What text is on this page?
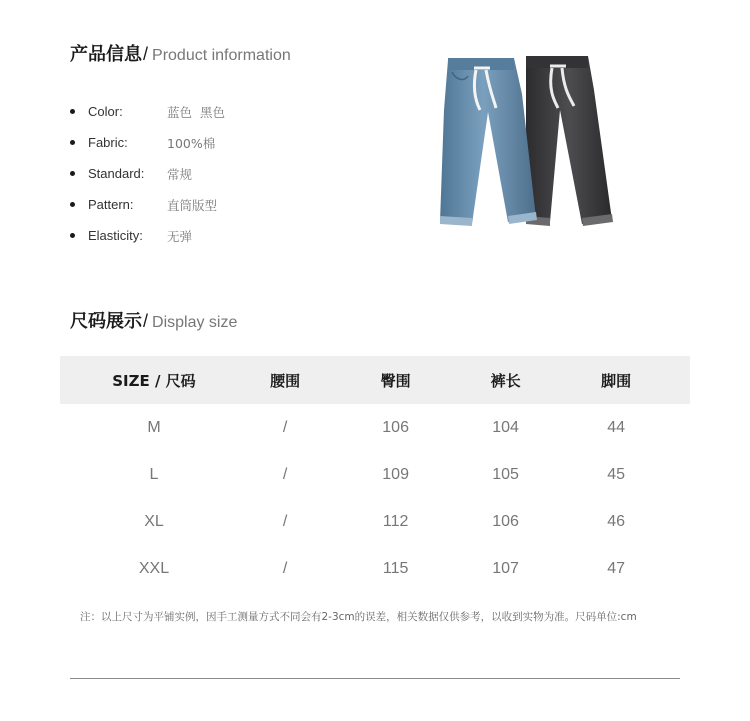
产品信息 / Product information
Color:	蓝色  黑色
Fabric:	100%棉
Standard:	常规
Pattern:	直筒版型
Elasticity:	无弹
尺码展示 / Display size
SIZE / 尺码	腰围	臀围	裤长	脚围
M	/	106	104	44
L	/	109	105	45
XL	/	112	106	46
XXL	/	115	107	47

注：以上尺寸为平铺实例，因手工测量方式不同会有2-3cm的误差，相关数据仅供参考，以收到实物为准。尺码单位:cm
